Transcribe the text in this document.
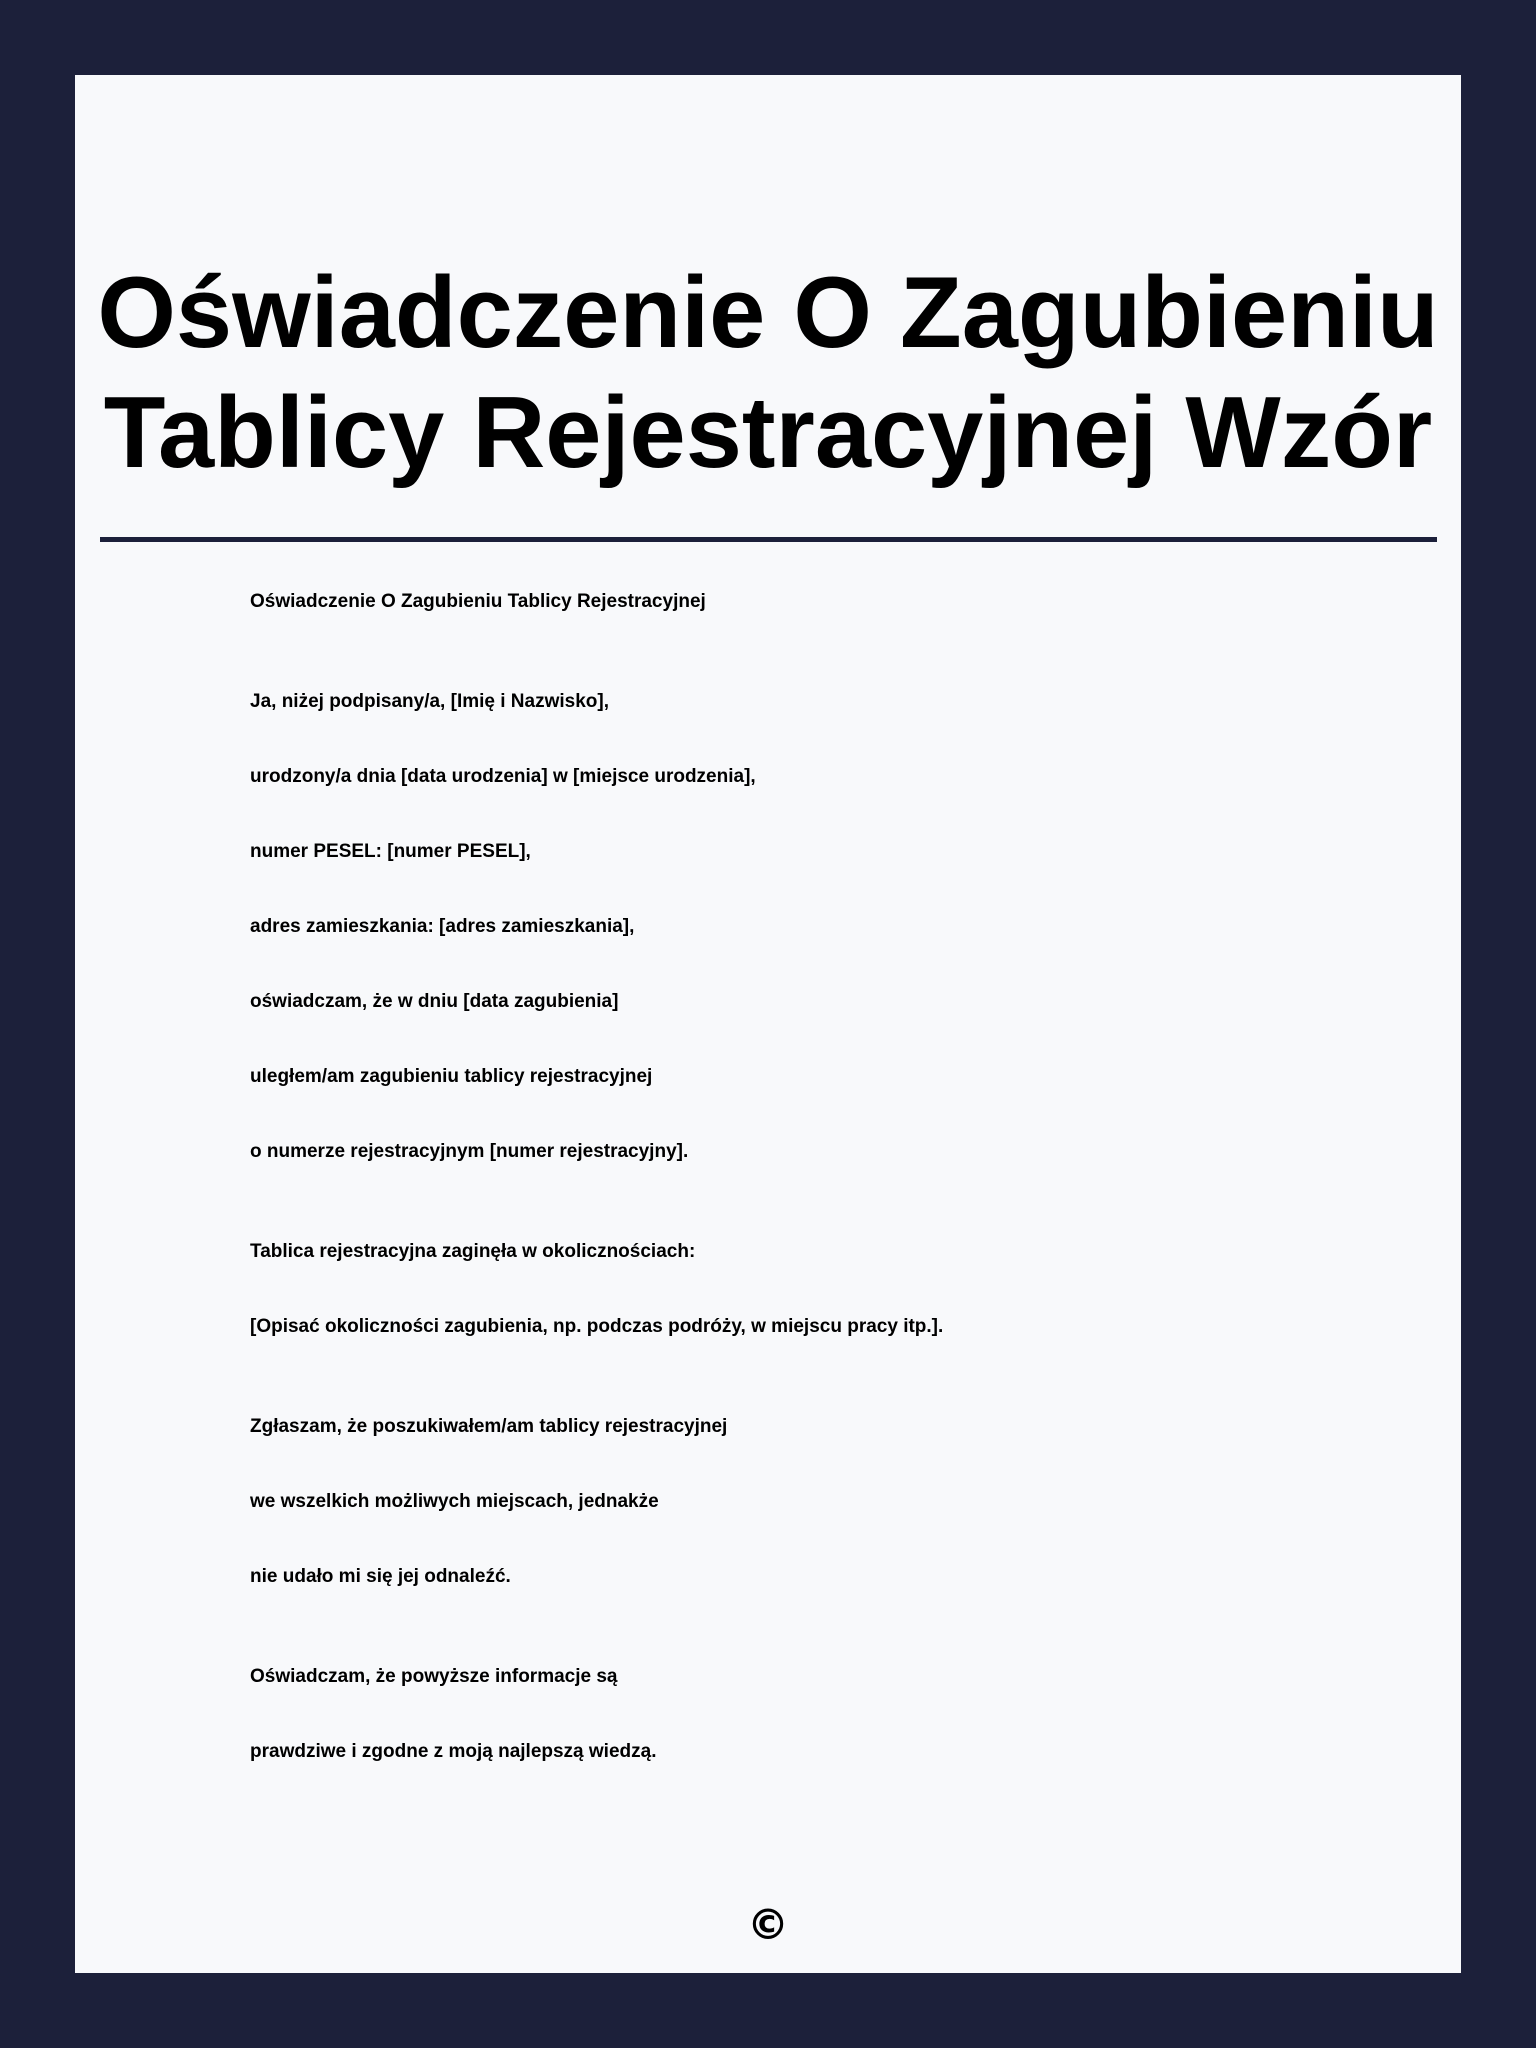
Oświadczenie O Zagubieniu Tablicy Rejestracyjnej Wzór

Oświadczenie O Zagubieniu Tablicy Rejestracyjnej

Ja, niżej podpisany/a, [Imię i Nazwisko],

urodzony/a dnia [data urodzenia] w [miejsce urodzenia],

numer PESEL: [numer PESEL],

adres zamieszkania: [adres zamieszkania],

oświadczam, że w dniu [data zagubienia]

uległem/am zagubieniu tablicy rejestracyjnej

o numerze rejestracyjnym [numer rejestracyjny].

Tablica rejestracyjna zaginęła w okolicznościach:

[Opisać okoliczności zagubienia, np. podczas podróży, w miejscu pracy itp.].

Zgłaszam, że poszukiwałem/am tablicy rejestracyjnej

we wszelkich możliwych miejscach, jednakże

nie udało mi się jej odnaleźć.

Oświadczam, że powyższe informacje są

prawdziwe i zgodne z moją najlepszą wiedzą.

©
